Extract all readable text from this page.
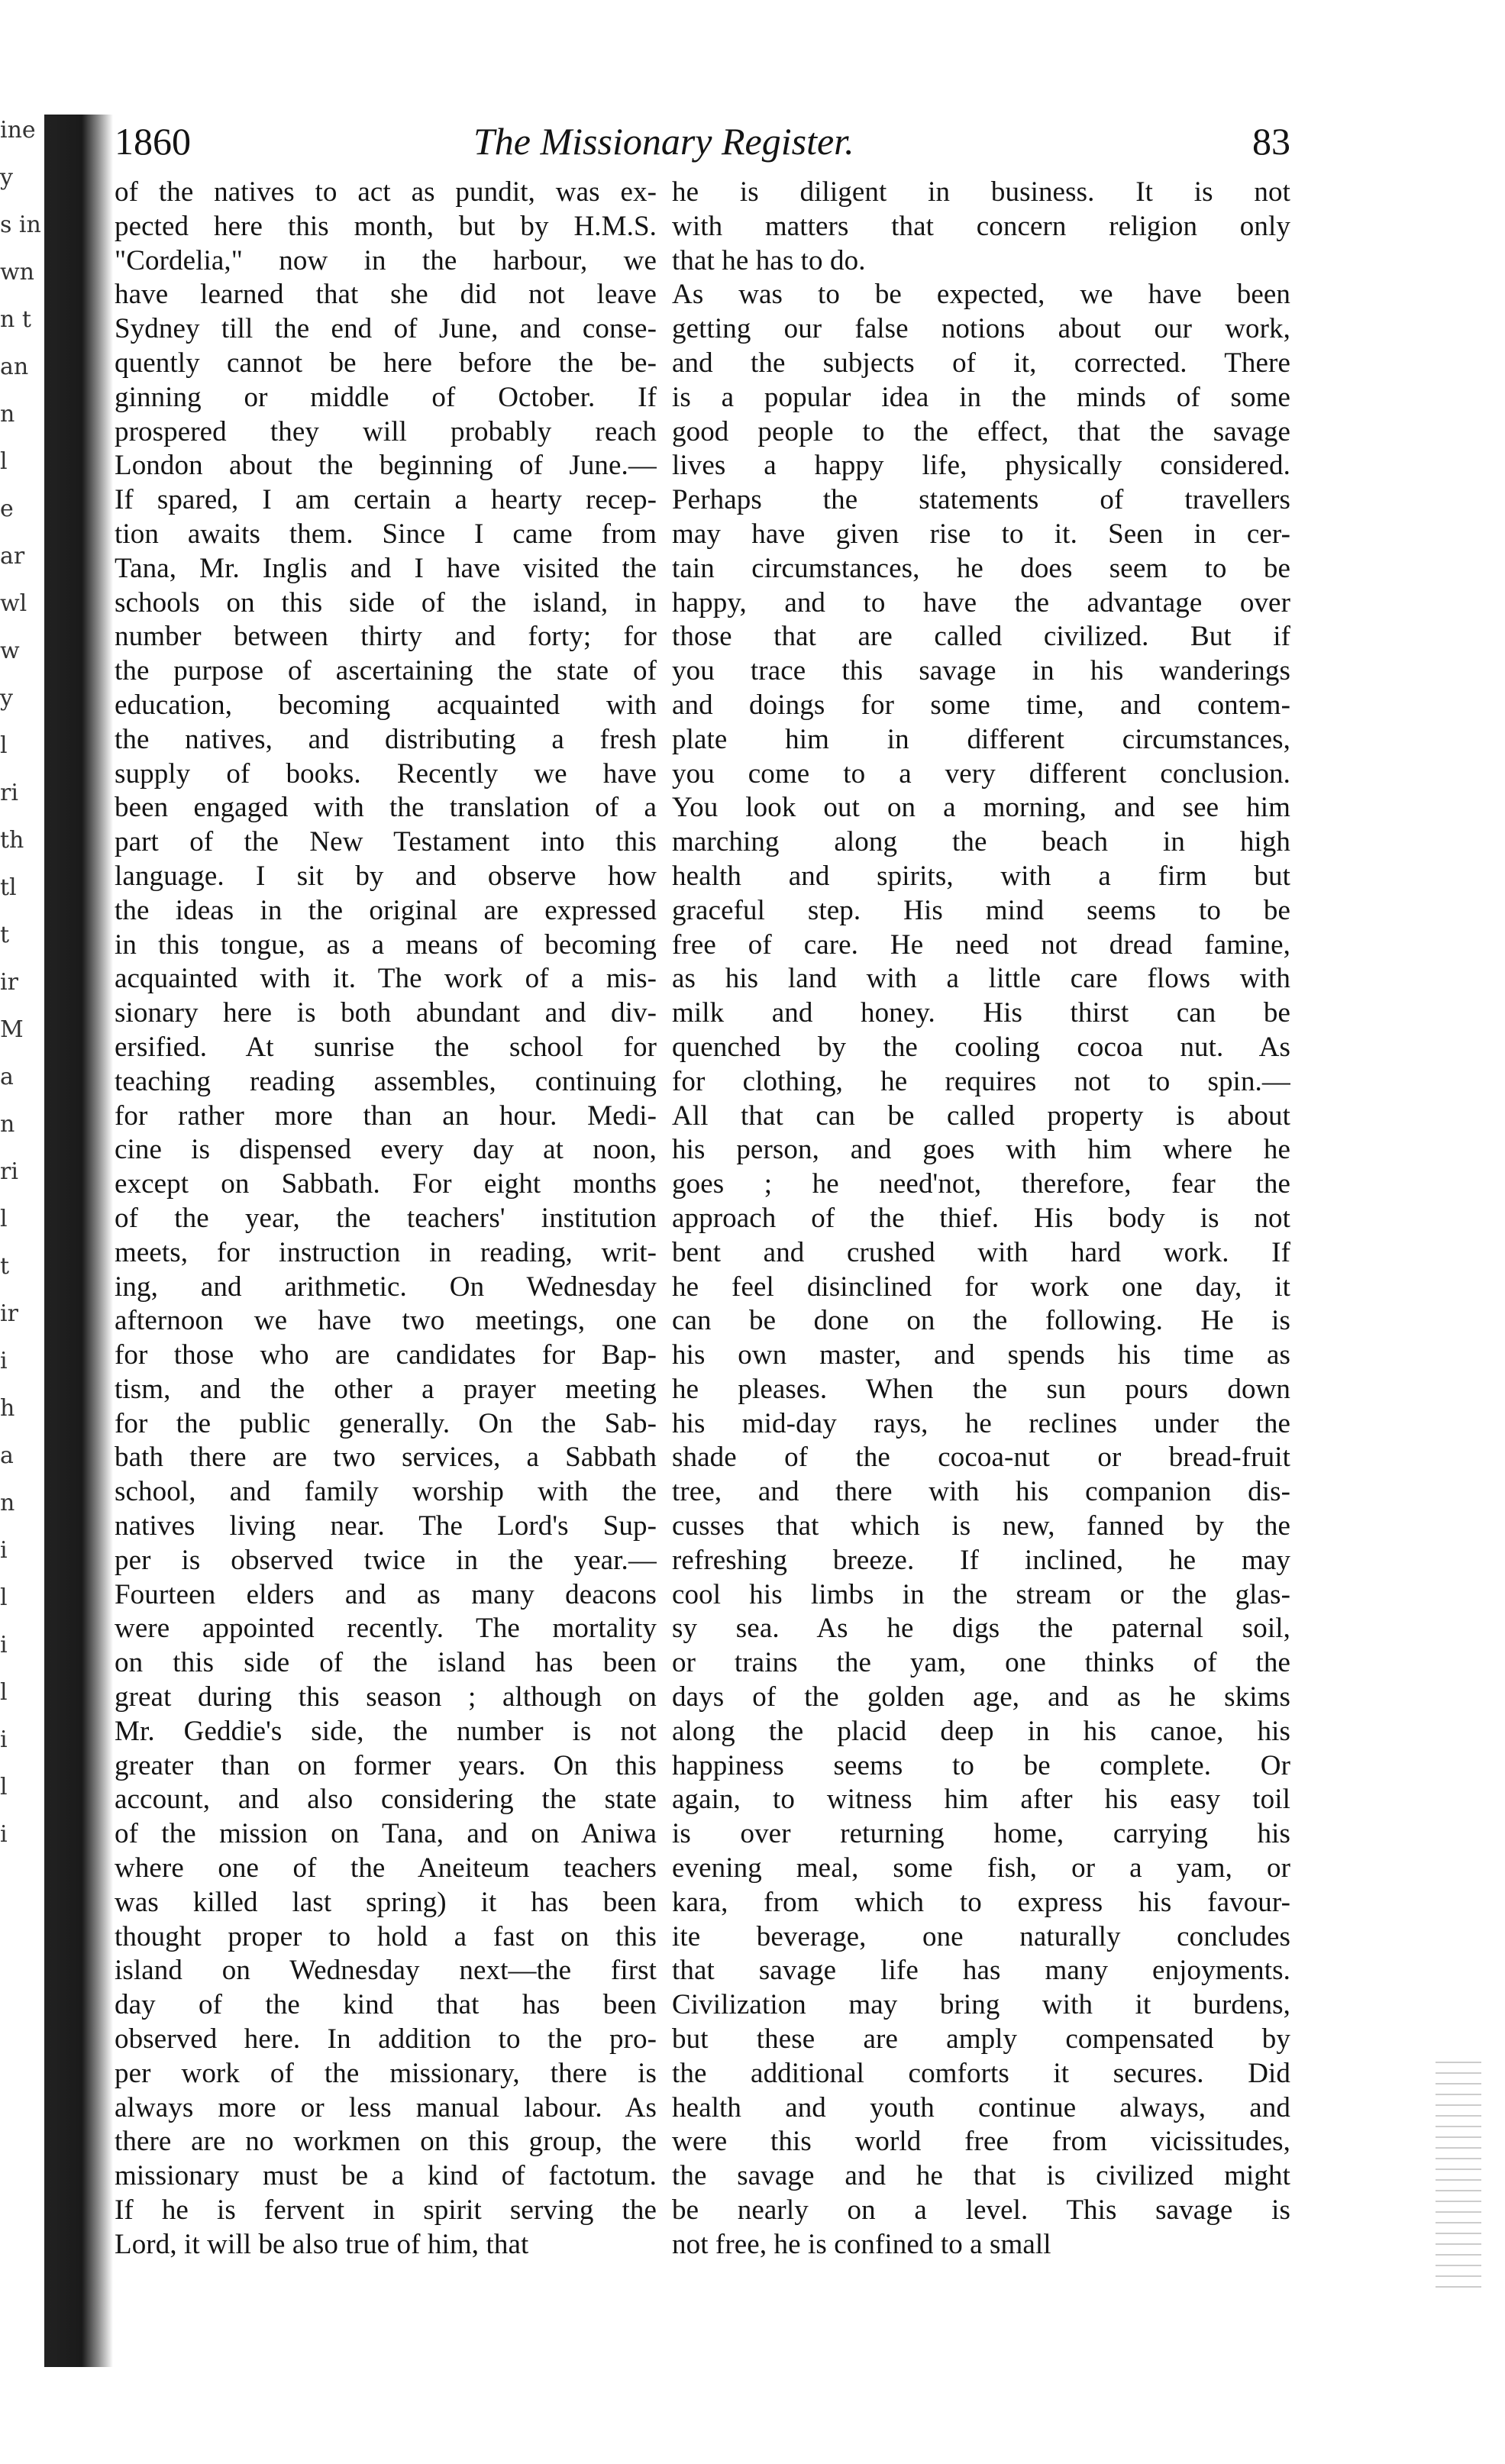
ine
y
s in
wn
n t
an
n
l
e
ar
wl
w
y
l
ri
th
tl
t
ir
M
a
n
ri
l
t
ir
i
h
a
n
i
l
i
l
i
l
i
1860	The Missionary Register.	83
of the natives to act as pundit, was ex-
pected here this month, but by H.M.S.
"Cordelia," now in the harbour, we
have learned that she did not leave
Sydney till the end of June, and conse-
quently cannot be here before the be-
ginning or middle of October. If
prospered they will probably reach
London about the beginning of June.—
If spared, I am certain a hearty recep-
tion awaits them. Since I came from
Tana, Mr. Inglis and I have visited the
schools on this side of the island, in
number between thirty and forty; for
the purpose of ascertaining the state of
education, becoming acquainted with
the natives, and distributing a fresh
supply of books. Recently we have
been engaged with the translation of a
part of the New Testament into this
language. I sit by and observe how
the ideas in the original are expressed
in this tongue, as a means of becoming
acquainted with it. The work of a mis-
sionary here is both abundant and div-
ersified. At sunrise the school for
teaching reading assembles, continuing
for rather more than an hour. Medi-
cine is dispensed every day at noon,
except on Sabbath. For eight months
of the year, the teachers' institution
meets, for instruction in reading, writ-
ing, and arithmetic. On Wednesday
afternoon we have two meetings, one
for those who are candidates for Bap-
tism, and the other a prayer meeting
for the public generally. On the Sab-
bath there are two services, a Sabbath
school, and family worship with the
natives living near. The Lord's Sup-
per is observed twice in the year.—
Fourteen elders and as many deacons
were appointed recently. The mortality
on this side of the island has been
great during this season ; although on
Mr. Geddie's side, the number is not
greater than on former years. On this
account, and also considering the state
of the mission on Tana, and on Aniwa
where one of the Aneiteum teachers
was killed last spring) it has been
thought proper to hold a fast on this
island on Wednesday next—the first
day of the kind that has been
observed here. In addition to the pro-
per work of the missionary, there is
always more or less manual labour. As
there are no workmen on this group, the
missionary must be a kind of factotum.
If he is fervent in spirit serving the
Lord, it will be also true of him, that
he is diligent in business. It is not
with matters that concern religion only
that he has to do.
As was to be expected, we have been
getting our false notions about our work,
and the subjects of it, corrected. There
is a popular idea in the minds of some
good people to the effect, that the savage
lives a happy life, physically considered.
Perhaps the statements of travellers
may have given rise to it. Seen in cer-
tain circumstances, he does seem to be
happy, and to have the advantage over
those that are called civilized. But if
you trace this savage in his wanderings
and doings for some time, and contem-
plate him in different circumstances,
you come to a very different conclusion.
You look out on a morning, and see him
marching along the beach in high
health and spirits, with a firm but
graceful step. His mind seems to be
free of care. He need not dread famine,
as his land with a little care flows with
milk and honey. His thirst can be
quenched by the cooling cocoa nut. As
for clothing, he requires not to spin.—
All that can be called property is about
his person, and goes with him where he
goes ; he need'not, therefore, fear the
approach of the thief. His body is not
bent and crushed with hard work. If
he feel disinclined for work one day, it
can be done on the following. He is
his own master, and spends his time as
he pleases. When the sun pours down
his mid-day rays, he reclines under the
shade of the cocoa-nut or bread-fruit
tree, and there with his companion dis-
cusses that which is new, fanned by the
refreshing breeze. If inclined, he may
cool his limbs in the stream or the glas-
sy sea. As he digs the paternal soil,
or trains the yam, one thinks of the
days of the golden age, and as he skims
along the placid deep in his canoe, his
happiness seems to be complete. Or
again, to witness him after his easy toil
is over returning home, carrying his
evening meal, some fish, or a yam, or
kara, from which to express his favour-
ite beverage, one naturally concludes
that savage life has many enjoyments.
Civilization may bring with it burdens,
but these are amply compensated by
the additional comforts it secures. Did
health and youth continue always, and
were this world free from vicissitudes,
the savage and he that is civilized might
be nearly on a level. This savage is
not free, he is confined to a small
